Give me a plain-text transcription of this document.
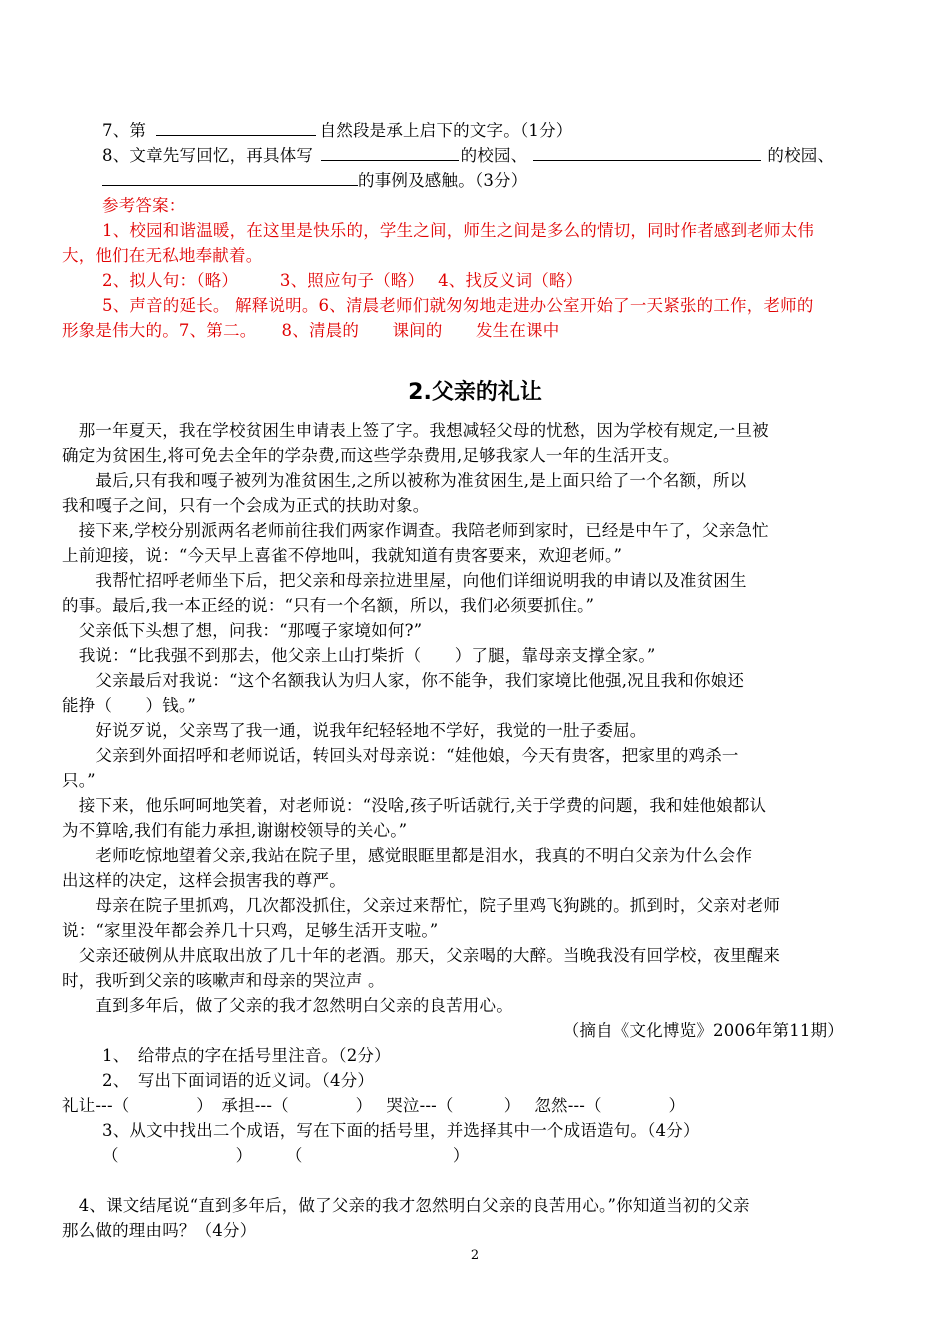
7、第	自然段是承上启下的文字。（1分）
8、文章先写回忆，再具体写	的校园、	的校园、
的事例及感触。（3分）
参考答案：
1、校园和谐温暖，在这里是快乐的，学生之间，师生之间是多么的情切，同时作者感到老师太伟
大，他们在无私地奉献着。
2、拟人句：（略）　　　3、照应句子（略）　 4、找反义词（略）
5、声音的延长。 解释说明。6、清晨老师们就匆匆地走进办公室开始了一天紧张的工作，老师的
形象是伟大的。7、第二。　　8、清晨的　　课间的　　发生在课中
2.父亲的礼让
　那一年夏天，我在学校贫困生申请表上签了字。我想减轻父母的忧愁，因为学校有规定,一旦被
确定为贫困生,将可免去全年的学杂费,而这些学杂费用,足够我家人一年的生活开支。
　　最后,只有我和嘎子被列为准贫困生,之所以被称为准贫困生,是上面只给了一个名额，所以
我和嘎子之间，只有一个会成为正式的扶助对象。
　接下来,学校分别派两名老师前往我们两家作调查。我陪老师到家时，已经是中午了，父亲急忙
上前迎接，说：“今天早上喜雀不停地叫，我就知道有贵客要来，欢迎老师。”
　　我帮忙招呼老师坐下后，把父亲和母亲拉进里屋，向他们详细说明我的申请以及准贫困生
的事。最后,我一本正经的说：“只有一个名额，所以，我们必须要抓住。”
　父亲低下头想了想，问我：“那嘎子家境如何?”
　我说：“比我强不到那去，他父亲上山打柴折（　　）了腿，靠母亲支撑全家。”
　　父亲最后对我说：“这个名额我认为归人家，你不能争，我们家境比他强,况且我和你娘还
能挣（　　）钱。”
　　好说歹说，父亲骂了我一通，说我年纪轻轻地不学好，我觉的一肚子委屈。
　　父亲到外面招呼和老师说话，转回头对母亲说：“娃他娘，今天有贵客，把家里的鸡杀一
只。”
　接下来，他乐呵呵地笑着，对老师说：“没啥,孩子听话就行,关于学费的问题，我和娃他娘都认
为不算啥,我们有能力承担,谢谢校领导的关心。”
　　老师吃惊地望着父亲,我站在院子里，感觉眼眶里都是泪水，我真的不明白父亲为什么会作
出这样的决定，这样会损害我的尊严。
　　母亲在院子里抓鸡，几次都没抓住，父亲过来帮忙，院子里鸡飞狗跳的。抓到时，父亲对老师
说：“家里没年都会养几十只鸡，足够生活开支啦。”
　父亲还破例从井底取出放了几十年的老酒。那天，父亲喝的大醉。当晚我没有回学校，夜里醒来
时，我听到父亲的咳嗽声和母亲的哭泣声 。
　　直到多年后，做了父亲的我才忽然明白父亲的良苦用心。
（摘自《文化博览》2006年第11期）
1、　给带点的字在括号里注音。（2分）
2、　写出下面词语的近义词。（4分）
礼让---（　　　　）　承担---（　　　　）　 哭泣---（　　　）　 忽然---（　　　　）
3、从文中找出二个成语，写在下面的括号里，并选择其中一个成语造句。（4分）
（　　　　　　　）　　　（　　　　　　　　　）
　4、课文结尾说“直到多年后，做了父亲的我才忽然明白父亲的良苦用心。”你知道当初的父亲
那么做的理由吗？（4分）
2
